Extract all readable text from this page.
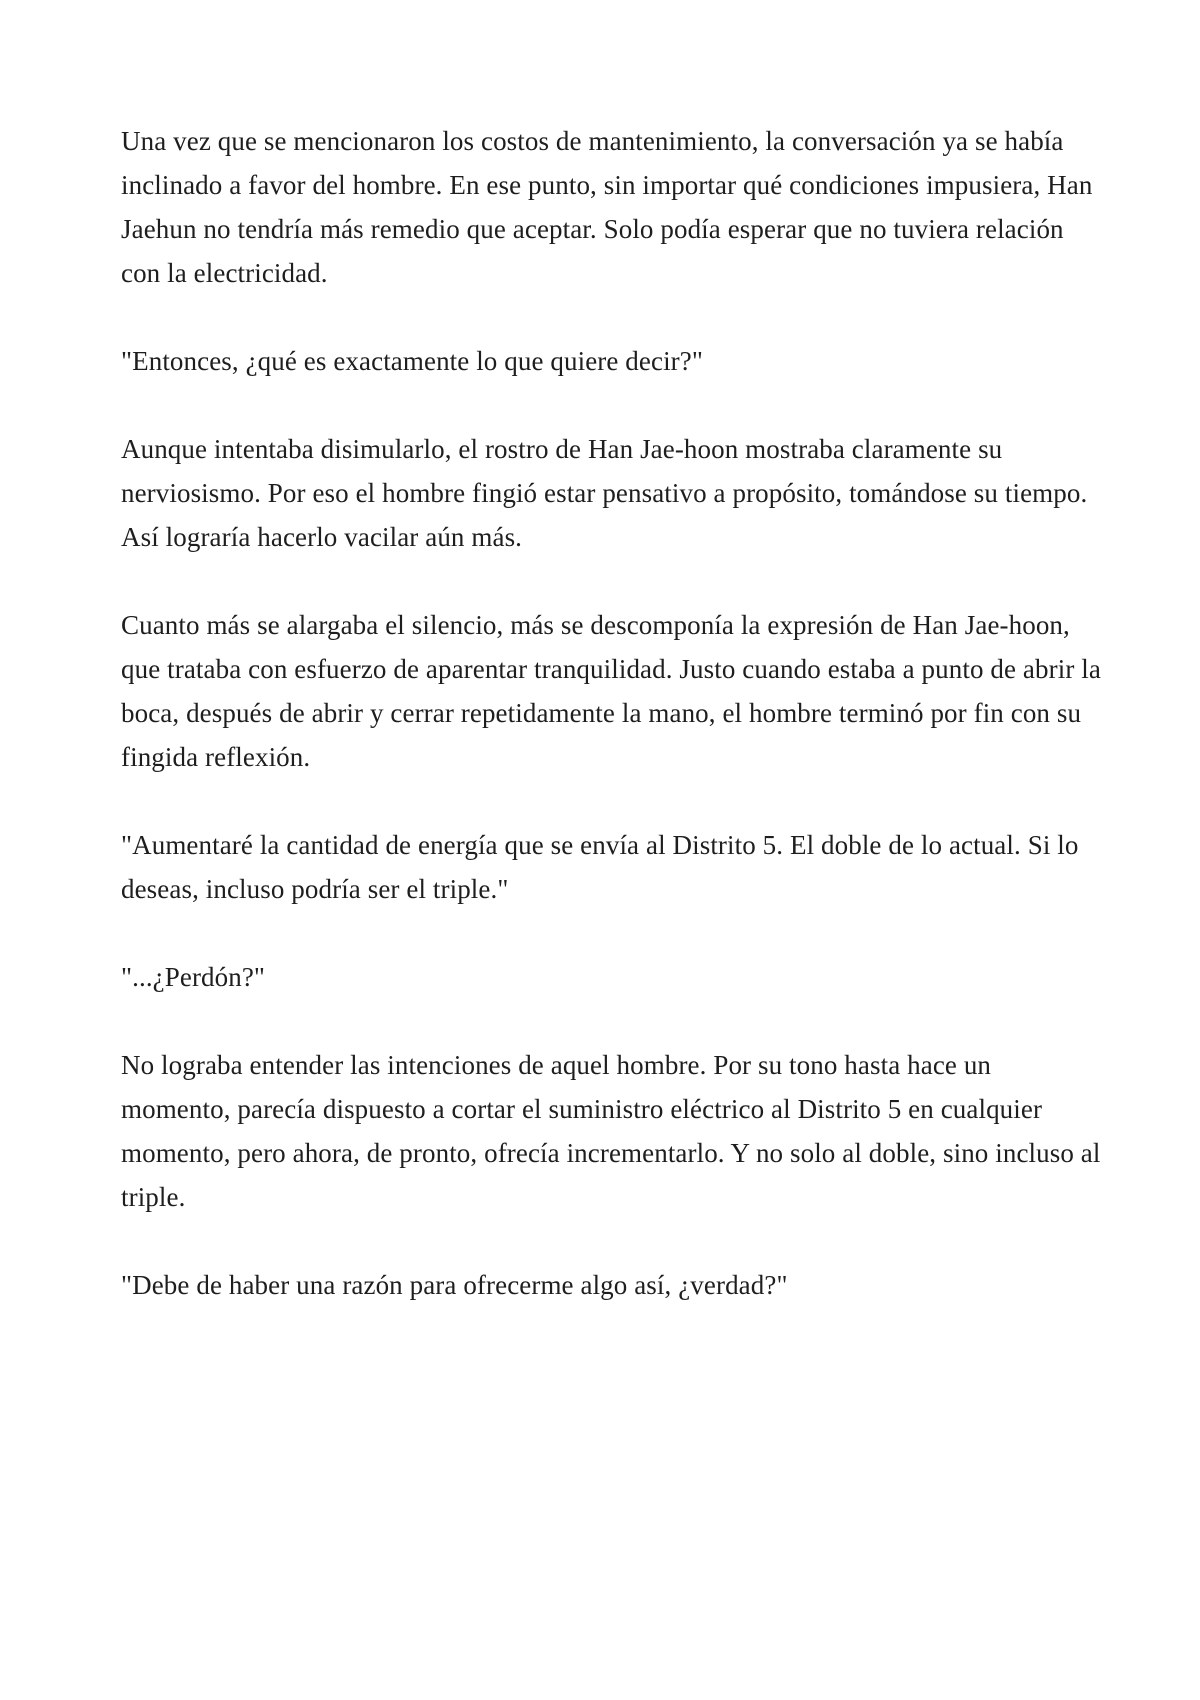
Una vez que se mencionaron los costos de mantenimiento, la conversación ya se había inclinado a favor del hombre. En ese punto, sin importar qué condiciones impusiera, Han Jaehun no tendría más remedio que aceptar. Solo podía esperar que no tuviera relación con la electricidad.

"Entonces, ¿qué es exactamente lo que quiere decir?"

Aunque intentaba disimularlo, el rostro de Han Jae-hoon mostraba claramente su nerviosismo. Por eso el hombre fingió estar pensativo a propósito, tomándose su tiempo. Así lograría hacerlo vacilar aún más.

Cuanto más se alargaba el silencio, más se descomponía la expresión de Han Jae-hoon, que trataba con esfuerzo de aparentar tranquilidad. Justo cuando estaba a punto de abrir la boca, después de abrir y cerrar repetidamente la mano, el hombre terminó por fin con su fingida reflexión.

"Aumentaré la cantidad de energía que se envía al Distrito 5. El doble de lo actual. Si lo deseas, incluso podría ser el triple."

"...¿Perdón?"

No lograba entender las intenciones de aquel hombre. Por su tono hasta hace un momento, parecía dispuesto a cortar el suministro eléctrico al Distrito 5 en cualquier momento, pero ahora, de pronto, ofrecía incrementarlo. Y no solo al doble, sino incluso al triple.

"Debe de haber una razón para ofrecerme algo así, ¿verdad?"
